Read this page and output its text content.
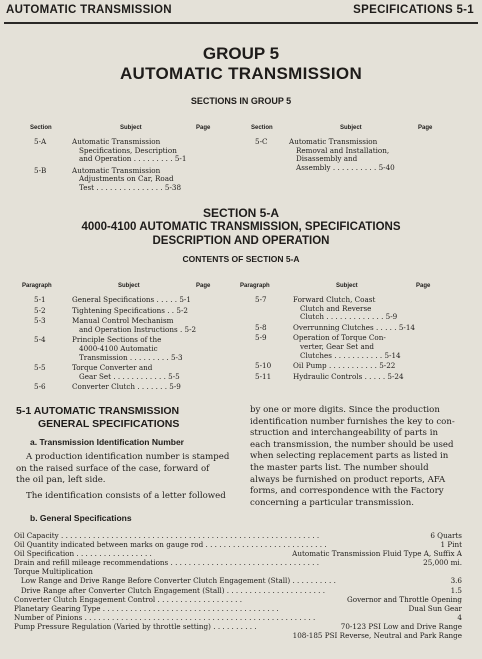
AUTOMATIC TRANSMISSION	SPECIFICATIONS 5-1
GROUP 5
AUTOMATIC TRANSMISSION
SECTIONS IN GROUP 5
Section	Subject	Page	Section	Subject	Page
5-A	Automatic Transmission
Specifications, Description
and Operation . . . . . . . . . 5-1
5-B	Automatic Transmission
Adjustments on Car, Road
Test . . . . . . . . . . . . . . . 5-38
5-C	Automatic Transmission
Removal and Installation,
Disassembly and
Assembly . . . . . . . . . . 5-40
SECTION 5-A
4000-4100 AUTOMATIC TRANSMISSION, SPECIFICATIONS
DESCRIPTION AND OPERATION
CONTENTS OF SECTION 5-A
Paragraph	Subject	Page	Paragraph	Subject	Page
5-1	General Specifications . . . . . 5-1
5-2	Tightening Specifications . . 5-2
5-3	Manual Control Mechanism
and Operation Instructions . 5-2
5-4	Principle Sections of the
4000-4100 Automatic
Transmission . . . . . . . . . 5-3
5-5	Torque Converter and
Gear Set . . . . . . . . . . . . 5-5
5-6	Converter Clutch . . . . . . . 5-9
5-7	Forward Clutch, Coast
Clutch and Reverse
Clutch . . . . . . . . . . . . . 5-9
5-8	Overrunning Clutches . . . . . 5-14
5-9	Operation of Torque Con-
verter, Gear Set and
Clutches . . . . . . . . . . . 5-14
5-10	Oil Pump . . . . . . . . . . . 5-22
5-11	Hydraulic Controls . . . . . 5-24
5-1 AUTOMATIC TRANSMISSION
GENERAL SPECIFICATIONS
a. Transmission Identification Number
A production identification number is stamped
on the raised surface of the case, forward of
the oil pan, left side.
The identification consists of a letter followed
by one or more digits. Since the production
identification number furnishes the key to con-
struction and interchangeability of parts in
each transmission, the number should be used
when selecting replacement parts as listed in
the master parts list. The number should
always be furnished on product reports, AFA
forms, and correspondence with the Factory
concerning a particular transmission.
b. General Specifications
Oil Capacity . . . . . . . . . . . . . . . . . . . . . . . . . . . . . . . . . . . . . . . . . . . . . . . . . . . . . . . . .	6 Quarts
Oil Quantity indicated between marks on gauge rod . . . . . . . . . . . . . . . . . . . . . . . . . . .	1 Pint
Oil Specification . . . . . . . . . . . . . . . . .	Automatic Transmission Fluid Type A, Suffix A
Drain and refill mileage recommendations . . . . . . . . . . . . . . . . . . . . . . . . . . . . . . . . .	25,000 mi.
Torque Multiplication
Low Range and Drive Range Before Converter Clutch Engagement (Stall) . . . . . . . . . .	3.6
Drive Range after Converter Clutch Engagement (Stall) . . . . . . . . . . . . . . . . . . . . . .	1.5
Converter Clutch Engagement Control . . . . . . . . . . . . . . . . . . .	Governor and Throttle Opening
Planetary Gearing Type . . . . . . . . . . . . . . . . . . . . . . . . . . . . . . . . . . . . . . .	Dual Sun Gear
Number of Pinions . . . . . . . . . . . . . . . . . . . . . . . . . . . . . . . . . . . . . . . . . . . . . . . . . . .	4
Pump Pressure Regulation (Varied by throttle setting) . . . . . . . . . .	70-123 PSI Low and Drive Range
108-185 PSI Reverse, Neutral and Park Range
